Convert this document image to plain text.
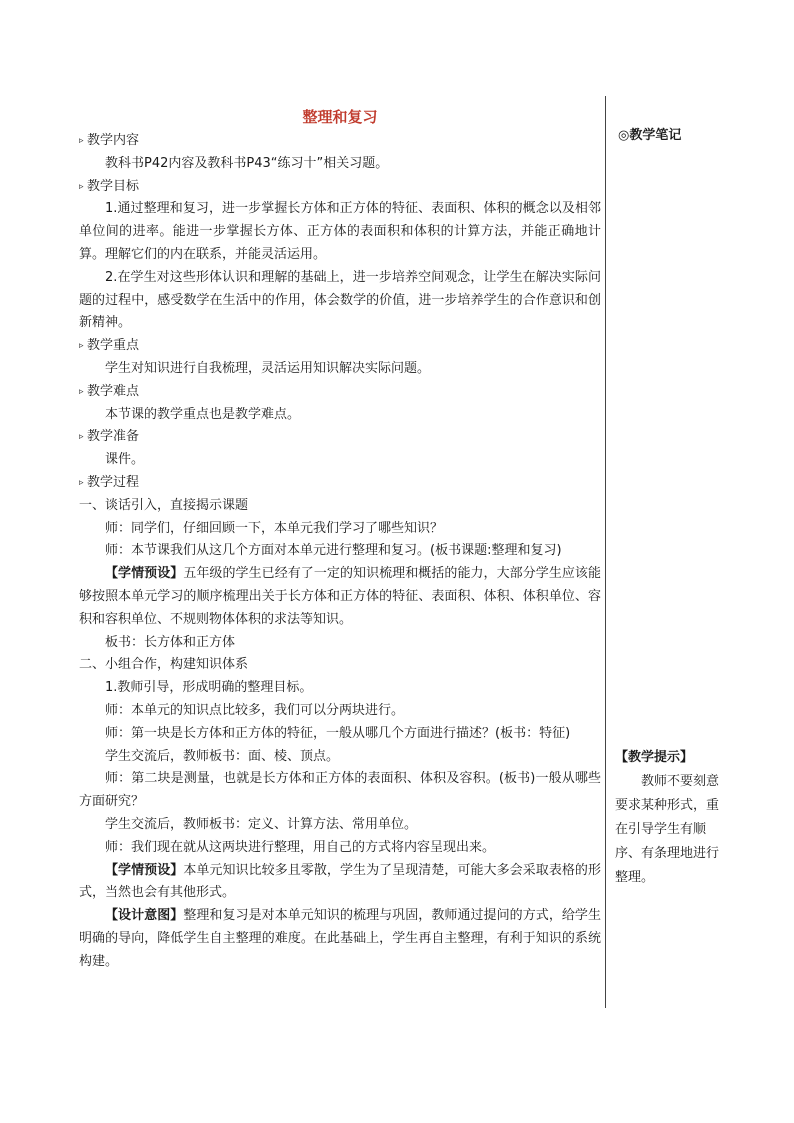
整理和复习
▹ 教学内容
教科书P42内容及教科书P43“练习十”相关习题。
▹ 教学目标
1.通过整理和复习，进一步掌握长方体和正方体的特征、表面积、体积的概念以及相邻单位间的进率。能进一步掌握长方体、正方体的表面积和体积的计算方法，并能正确地计算。理解它们的内在联系，并能灵活运用。
2.在学生对这些形体认识和理解的基础上，进一步培养空间观念，让学生在解决实际问题的过程中，感受数学在生活中的作用，体会数学的价值，进一步培养学生的合作意识和创新精神。
▹ 教学重点
学生对知识进行自我梳理，灵活运用知识解决实际问题。
▹ 教学难点
本节课的教学重点也是教学难点。
▹ 教学准备
课件。
▹ 教学过程
一、谈话引入，直接揭示课题
师：同学们，仔细回顾一下，本单元我们学习了哪些知识？
师：本节课我们从这几个方面对本单元进行整理和复习。(板书课题:整理和复习)
【学情预设】五年级的学生已经有了一定的知识梳理和概括的能力，大部分学生应该能够按照本单元学习的顺序梳理出关于长方体和正方体的特征、表面积、体积、体积单位、容积和容积单位、不规则物体体积的求法等知识。
板书：长方体和正方体
二、小组合作，构建知识体系
1.教师引导，形成明确的整理目标。
师：本单元的知识点比较多，我们可以分两块进行。
师：第一块是长方体和正方体的特征，一般从哪几个方面进行描述？(板书：特征)
学生交流后，教师板书：面、棱、顶点。
师：第二块是测量，也就是长方体和正方体的表面积、体积及容积。(板书)一般从哪些方面研究？
学生交流后，教师板书：定义、计算方法、常用单位。
师：我们现在就从这两块进行整理，用自己的方式将内容呈现出来。
【学情预设】本单元知识比较多且零散，学生为了呈现清楚，可能大多会采取表格的形式，当然也会有其他形式。
【设计意图】整理和复习是对本单元知识的梳理与巩固，教师通过提问的方式，给学生明确的导向，降低学生自主整理的难度。在此基础上，学生再自主整理，有利于知识的系统构建。
◎教学笔记
【教学提示】
教师不要刻意要求某种形式，重在引导学生有顺序、有条理地进行整理。
